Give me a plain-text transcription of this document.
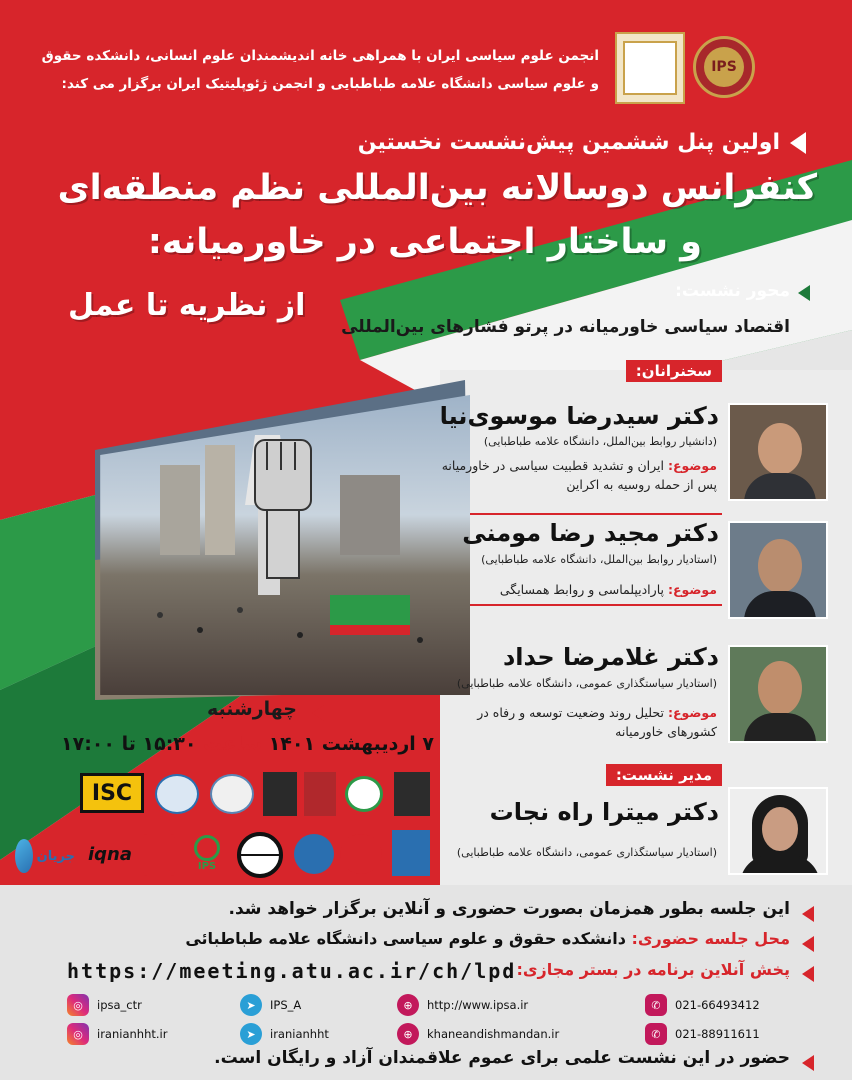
IPS
انجمن علوم سیاسی ایران با همراهی خانه اندیشمندان علوم انسانی، دانشکده حقوق
و علوم سیاسی دانشگاه علامه طباطبایی و انجمن ژئوپلیتیک ایران برگزار می کند:
اولین پنل ششمین پیش‌نشست نخستین
کنفرانس دوسالانه بین‌المللی نظم منطقه‌ای
و ساختار اجتماعی در خاورمیانه:
از نظریه تا عمل	محور نشست:
اقتصاد سیاسی خاورمیانه در پرتو فشارهای بین‌المللی
سخنرانان:
دکتر سیدرضا موسوی‌نیا
(دانشیار روابط بین‌الملل، دانشگاه علامه طباطبایی)
موضوع: ایران و تشدید قطبیت سیاسی در خاورمیانه
پس از حمله روسیه به اکراین
دکتر مجید رضا مومنی
(استادیار روابط بین‌الملل، دانشگاه علامه طباطبایی)
موضوع: پارادیپلماسی و روابط همسایگی
دکتر غلامرضا حداد
(استادیار سیاستگذاری عمومی، دانشگاه علامه طباطبایی)
موضوع: تحلیل روند وضعیت توسعه و رفاه در
کشورهای خاورمیانه
مدیر نشست:
دکتر میترا راه نجات
(استادیار سیاستگذاری عمومی، دانشگاه علامه طباطبایی)
چهارشنبه
۷ اردیبهشت ۱۴۰۱ ساعت ۱۵:۳۰ تا ۱۷:۰۰
ISC
جریان iqna
IPS
این جلسه بطور همزمان بصورت حضوری و آنلاین برگزار خواهد شد.
محل جلسه حضوری: دانشکده حقوق و علوم سیاسی دانشگاه علامه طباطبائی
پخش آنلاین برنامه در بستر مجازی:
https://meeting.atu.ac.ir/ch/lpd
◎	ipsa_ctr
◎	iranianhht.ir
➤	IPS_A
➤	iranianhht
⊕	http://www.ipsa.ir
⊕	khaneandishmandan.ir
✆	021-66493412
✆	021-88911611
حضور در این نشست علمی برای عموم علاقمندان آزاد و رایگان است.
